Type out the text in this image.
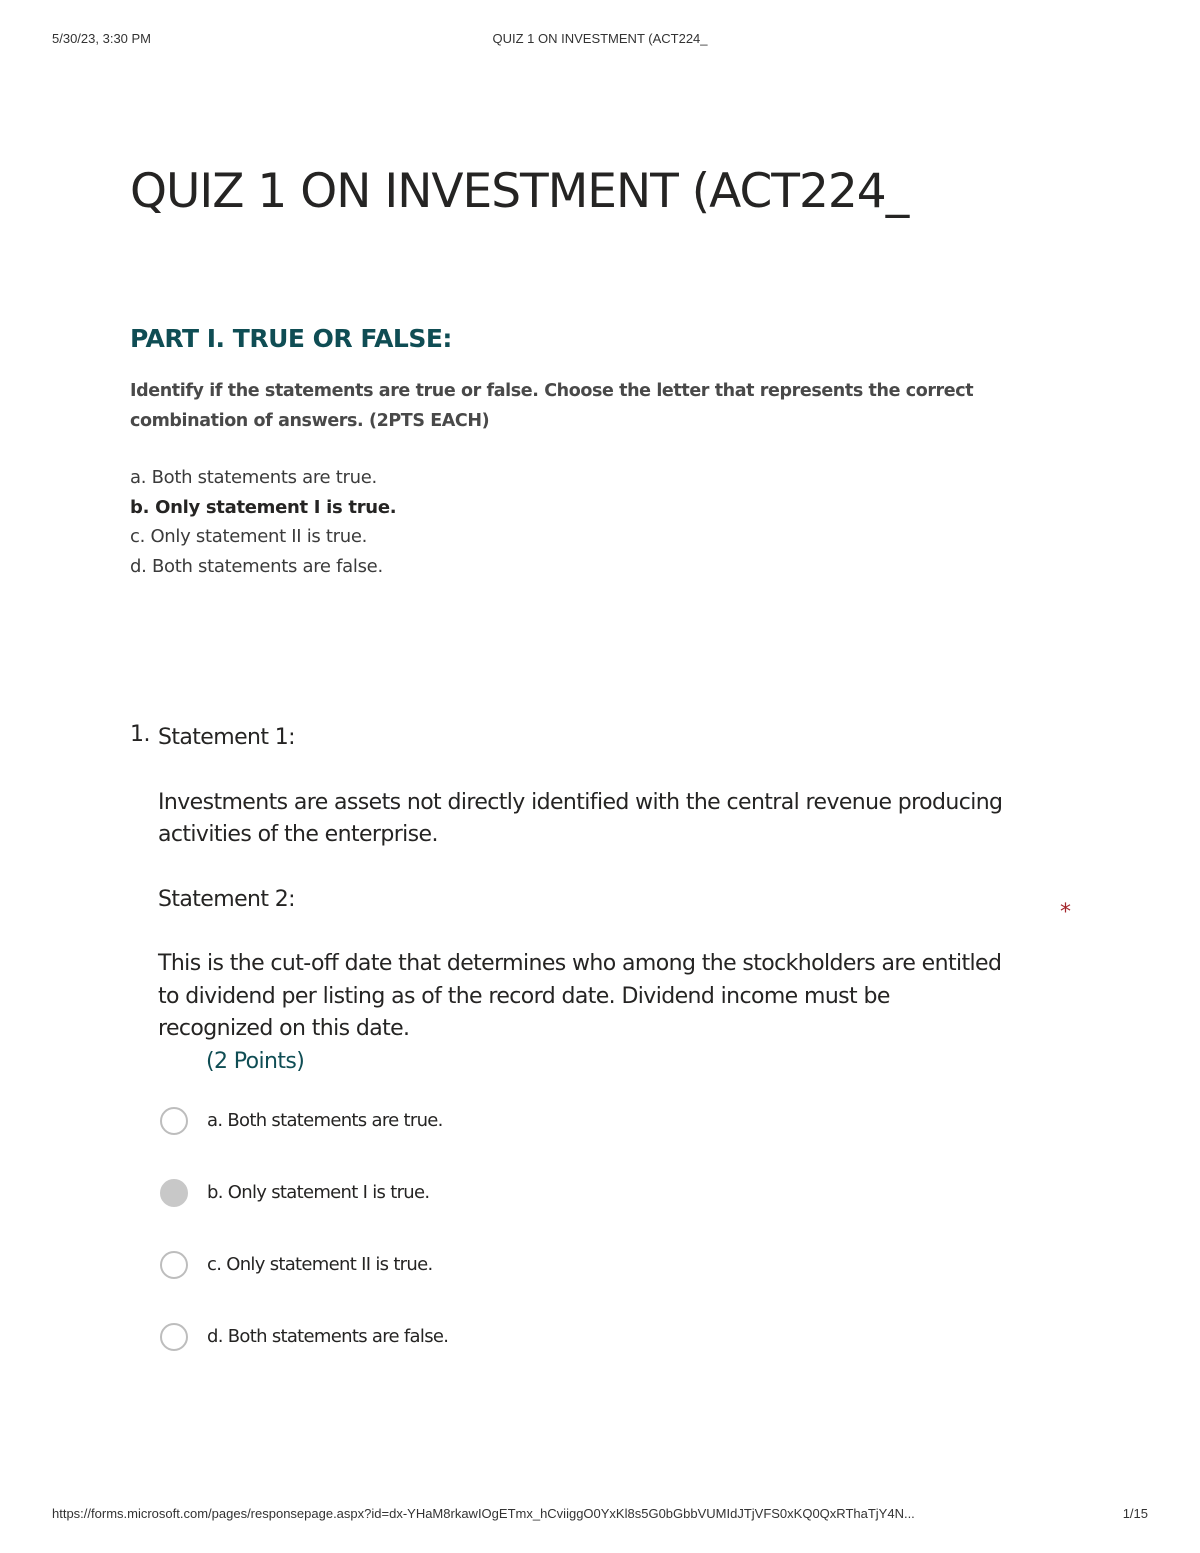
5/30/23, 3:30 PM	QUIZ 1 ON INVESTMENT (ACT224_
QUIZ 1 ON INVESTMENT (ACT224_
PART I. TRUE OR FALSE:
Identify if the statements are true or false. Choose the letter that represents the correct
combination of answers. (2PTS EACH)
a. Both statements are true.
b. Only statement I is true.
c. Only statement II is true.
d. Both statements are false.
1. Statement 1:
Investments are assets not directly identified with the central revenue producing
activities of the enterprise.
Statement 2:
This is the cut-off date that determines who among the stockholders are entitled
to dividend per listing as of the record date. Dividend income must be
recognized on this date.
(2 Points)
*
a. Both statements are true.
b. Only statement I is true.
c. Only statement II is true.
d. Both statements are false.
https://forms.microsoft.com/pages/responsepage.aspx?id=dx-YHaM8rkawIOgETmx_hCviiggO0YxKl8s5G0bGbbVUMIdJTjVFS0xKQ0QxRThaTjY4N...	1/15
